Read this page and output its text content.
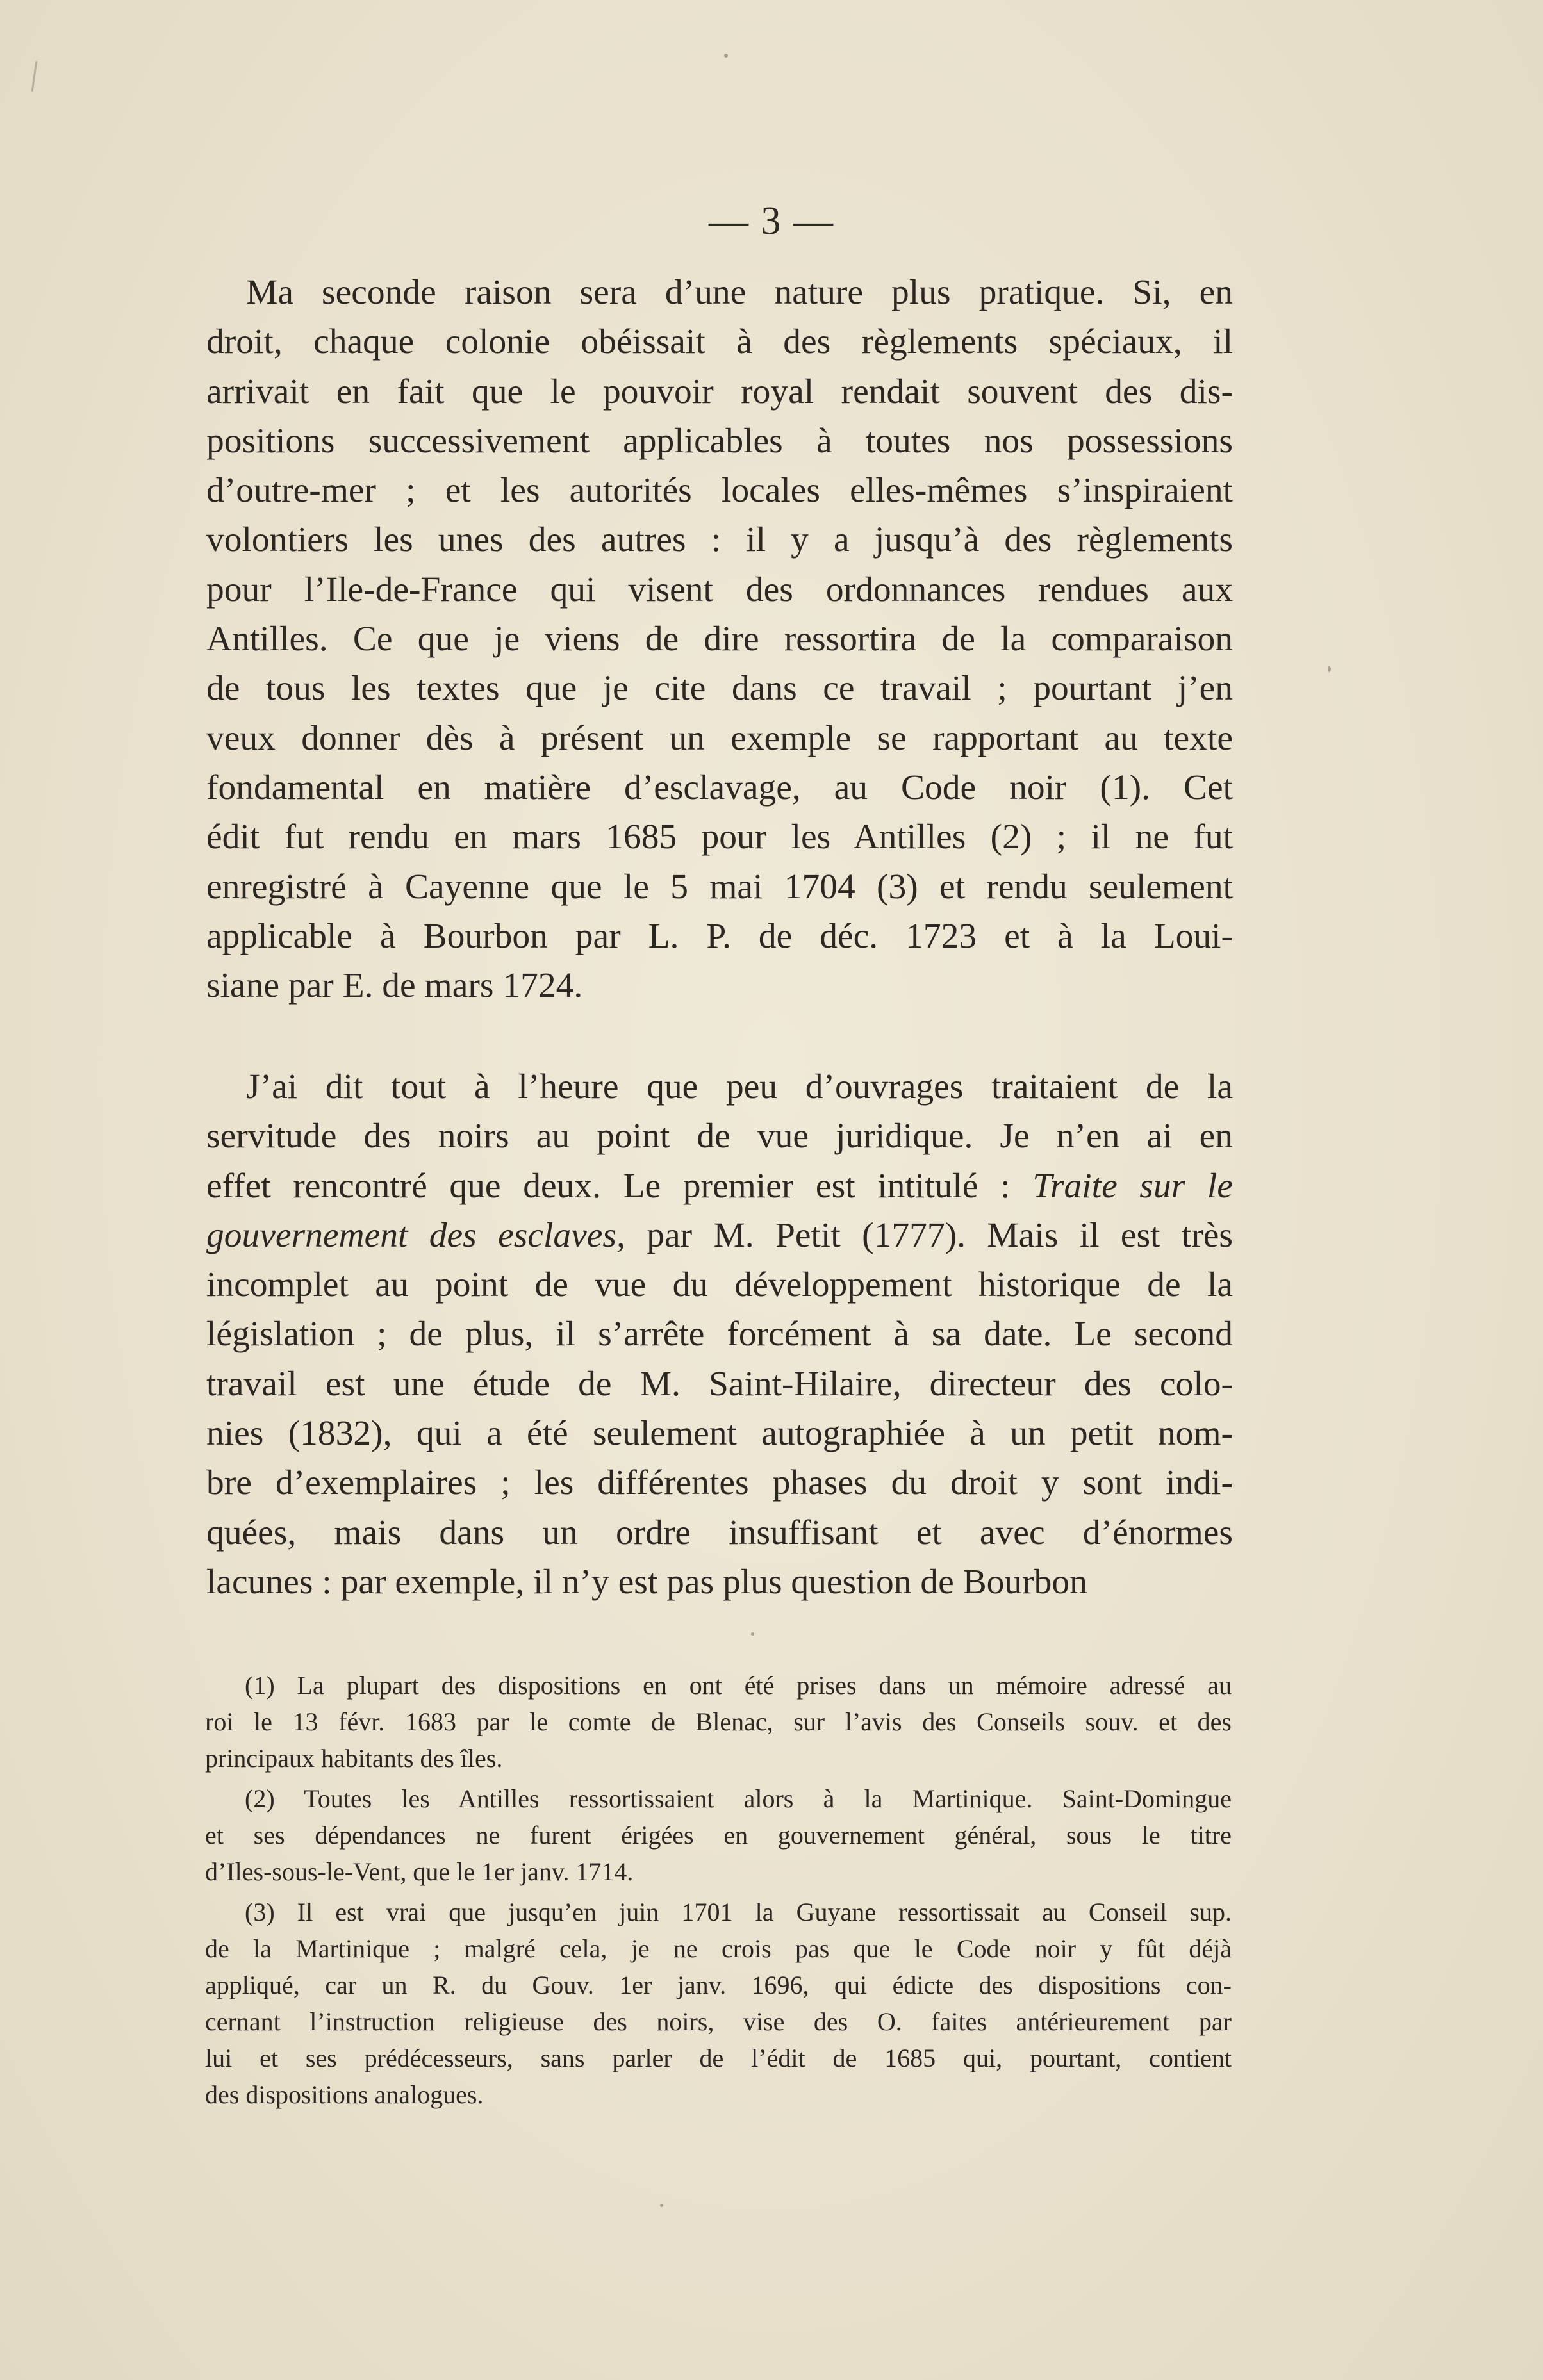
— 3 —
Ma seconde raison sera d’une nature plus pratique. Si, en
droit, chaque colonie obéissait à des règlements spéciaux, il
arrivait en fait que le pouvoir royal rendait souvent des dis-
positions successivement applicables à toutes nos possessions
d’outre-mer ; et les autorités locales elles-mêmes s’inspiraient
volontiers les unes des autres : il y a jusqu’à des règlements
pour l’Ile-de-France qui visent des ordonnances rendues aux
Antilles. Ce que je viens de dire ressortira de la comparaison
de tous les textes que je cite dans ce travail ; pourtant j’en
veux donner dès à présent un exemple se rapportant au texte
fondamental en matière d’esclavage, au Code noir (1). Cet
édit fut rendu en mars 1685 pour les Antilles (2) ; il ne fut
enregistré à Cayenne que le 5 mai 1704 (3) et rendu seulement
applicable à Bourbon par L. P. de déc. 1723 et à la Loui-
siane par E. de mars 1724.
J’ai dit tout à l’heure que peu d’ouvrages traitaient de la
servitude des noirs au point de vue juridique. Je n’en ai en
effet rencontré que deux. Le premier est intitulé : Traite sur le
gouvernement des esclaves, par M. Petit (1777). Mais il est très
incomplet au point de vue du développement historique de la
législation ; de plus, il s’arrête forcément à sa date. Le second
travail est une étude de M. Saint-Hilaire, directeur des colo-
nies (1832), qui a été seulement autographiée à un petit nom-
bre d’exemplaires ; les différentes phases du droit y sont indi-
quées, mais dans un ordre insuffisant et avec d’énormes
lacunes : par exemple, il n’y est pas plus question de Bourbon
(1) La plupart des dispositions en ont été prises dans un mémoire adressé au
roi le 13 févr. 1683 par le comte de Blenac, sur l’avis des Conseils souv. et des
principaux habitants des îles.
(2) Toutes les Antilles ressortissaient alors à la Martinique. Saint-Domingue
et ses dépendances ne furent érigées en gouvernement général, sous le titre
d’Iles-sous-le-Vent, que le 1er janv. 1714.
(3) Il est vrai que jusqu’en juin 1701 la Guyane ressortissait au Conseil sup.
de la Martinique ; malgré cela, je ne crois pas que le Code noir y fût déjà
appliqué, car un R. du Gouv. 1er janv. 1696, qui édicte des dispositions con-
cernant l’instruction religieuse des noirs, vise des O. faites antérieurement par
lui et ses prédécesseurs, sans parler de l’édit de 1685 qui, pourtant, contient
des dispositions analogues.
